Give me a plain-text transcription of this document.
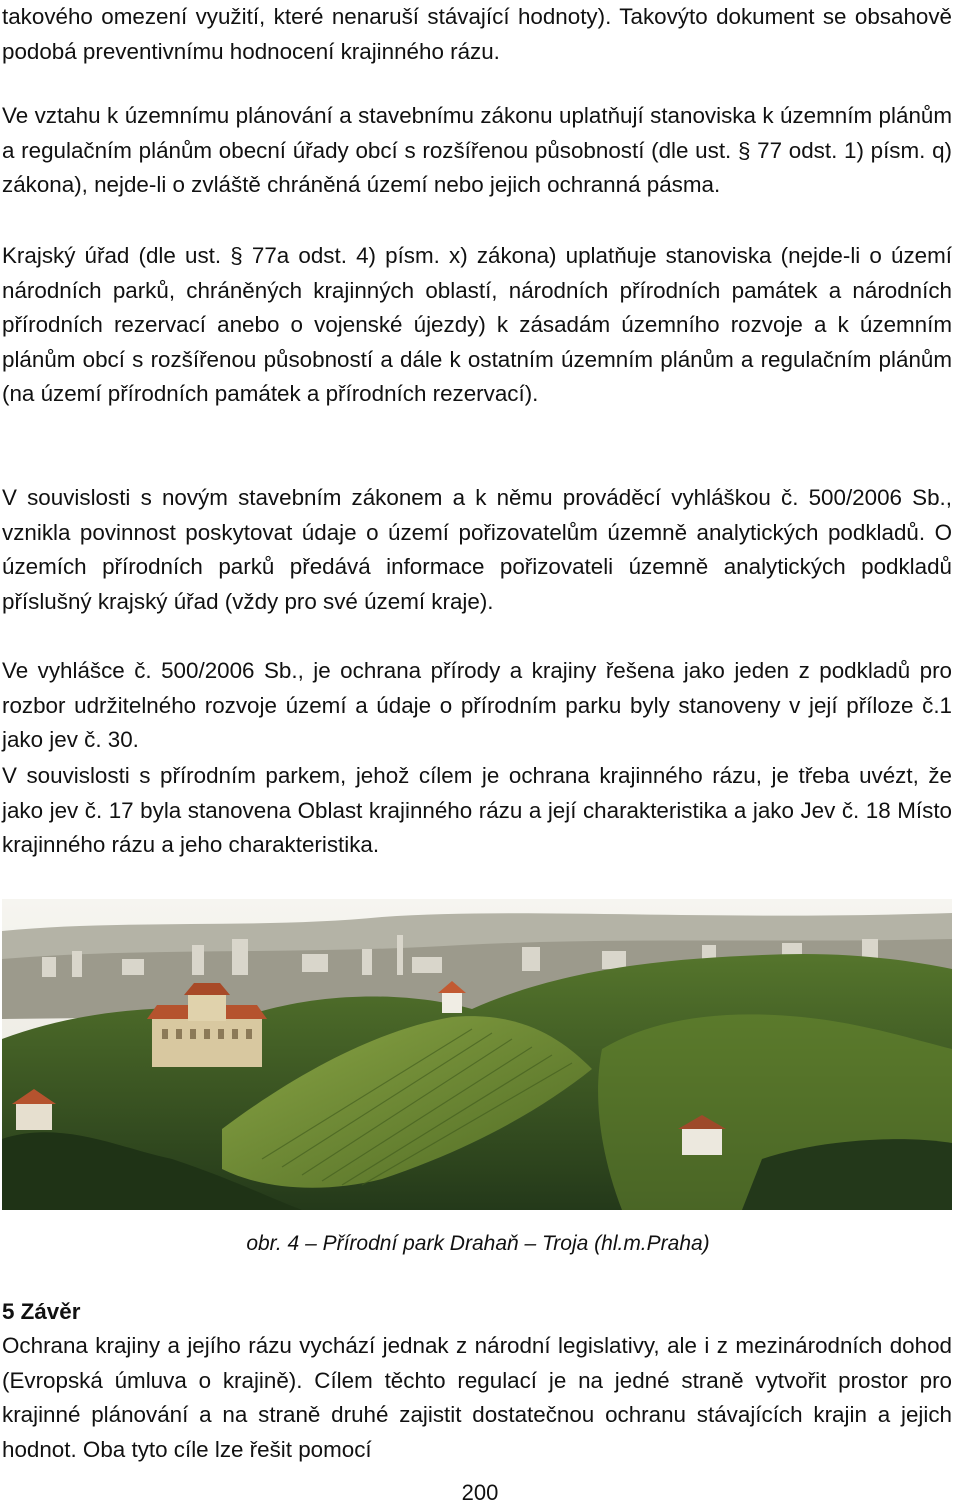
takového omezení využití, které nenaruší stávající hodnoty). Takovýto dokument se obsahově podobá preventivnímu hodnocení krajinného rázu.

Ve vztahu k územnímu plánování a stavebnímu zákonu uplatňují stanoviska k územním plánům a regulačním plánům obecní úřady obcí s rozšířenou působností (dle ust. § 77 odst. 1) písm. q) zákona), nejde-li o zvláště chráněná území nebo jejich ochranná pásma.

Krajský úřad (dle ust. § 77a odst. 4) písm. x) zákona) uplatňuje stanoviska (nejde-li o území národních parků, chráněných krajinných oblastí, národních přírodních památek a národních přírodních rezervací anebo o vojenské újezdy) k zásadám územního rozvoje a k územním plánům obcí s rozšířenou působností a dále k ostatním územním plánům a regulačním plánům (na území přírodních památek a přírodních rezervací).

V souvislosti s novým stavebním zákonem a k němu prováděcí vyhláškou č. 500/2006 Sb., vznikla povinnost poskytovat údaje o území pořizovatelům územně analytických podkladů. O územích přírodních parků předává informace pořizovateli územně analytických podkladů příslušný krajský úřad (vždy pro své území kraje).

Ve vyhlášce č. 500/2006 Sb., je ochrana přírody a krajiny řešena jako jeden z podkladů pro rozbor udržitelného rozvoje území a údaje o přírodním parku byly stanoveny v její příloze č.1 jako jev č. 30.

V souvislosti s přírodním parkem, jehož cílem je ochrana krajinného rázu, je třeba uvézt, že jako jev č. 17 byla stanovena Oblast krajinného rázu a její charakteristika a jako Jev č. 18 Místo krajinného rázu a jeho charakteristika.

obr. 4 – Přírodní park Drahaň – Troja (hl.m.Praha)
5 Závěr

Ochrana krajiny a jejího rázu vychází jednak z národní legislativy, ale i z mezinárodních dohod (Evropská úmluva o krajině). Cílem těchto regulací je na jedné straně vytvořit prostor pro krajinné plánování a na straně druhé zajistit dostatečnou ochranu stávajících krajin a jejich hodnot. Oba tyto cíle lze řešit pomocí

200
